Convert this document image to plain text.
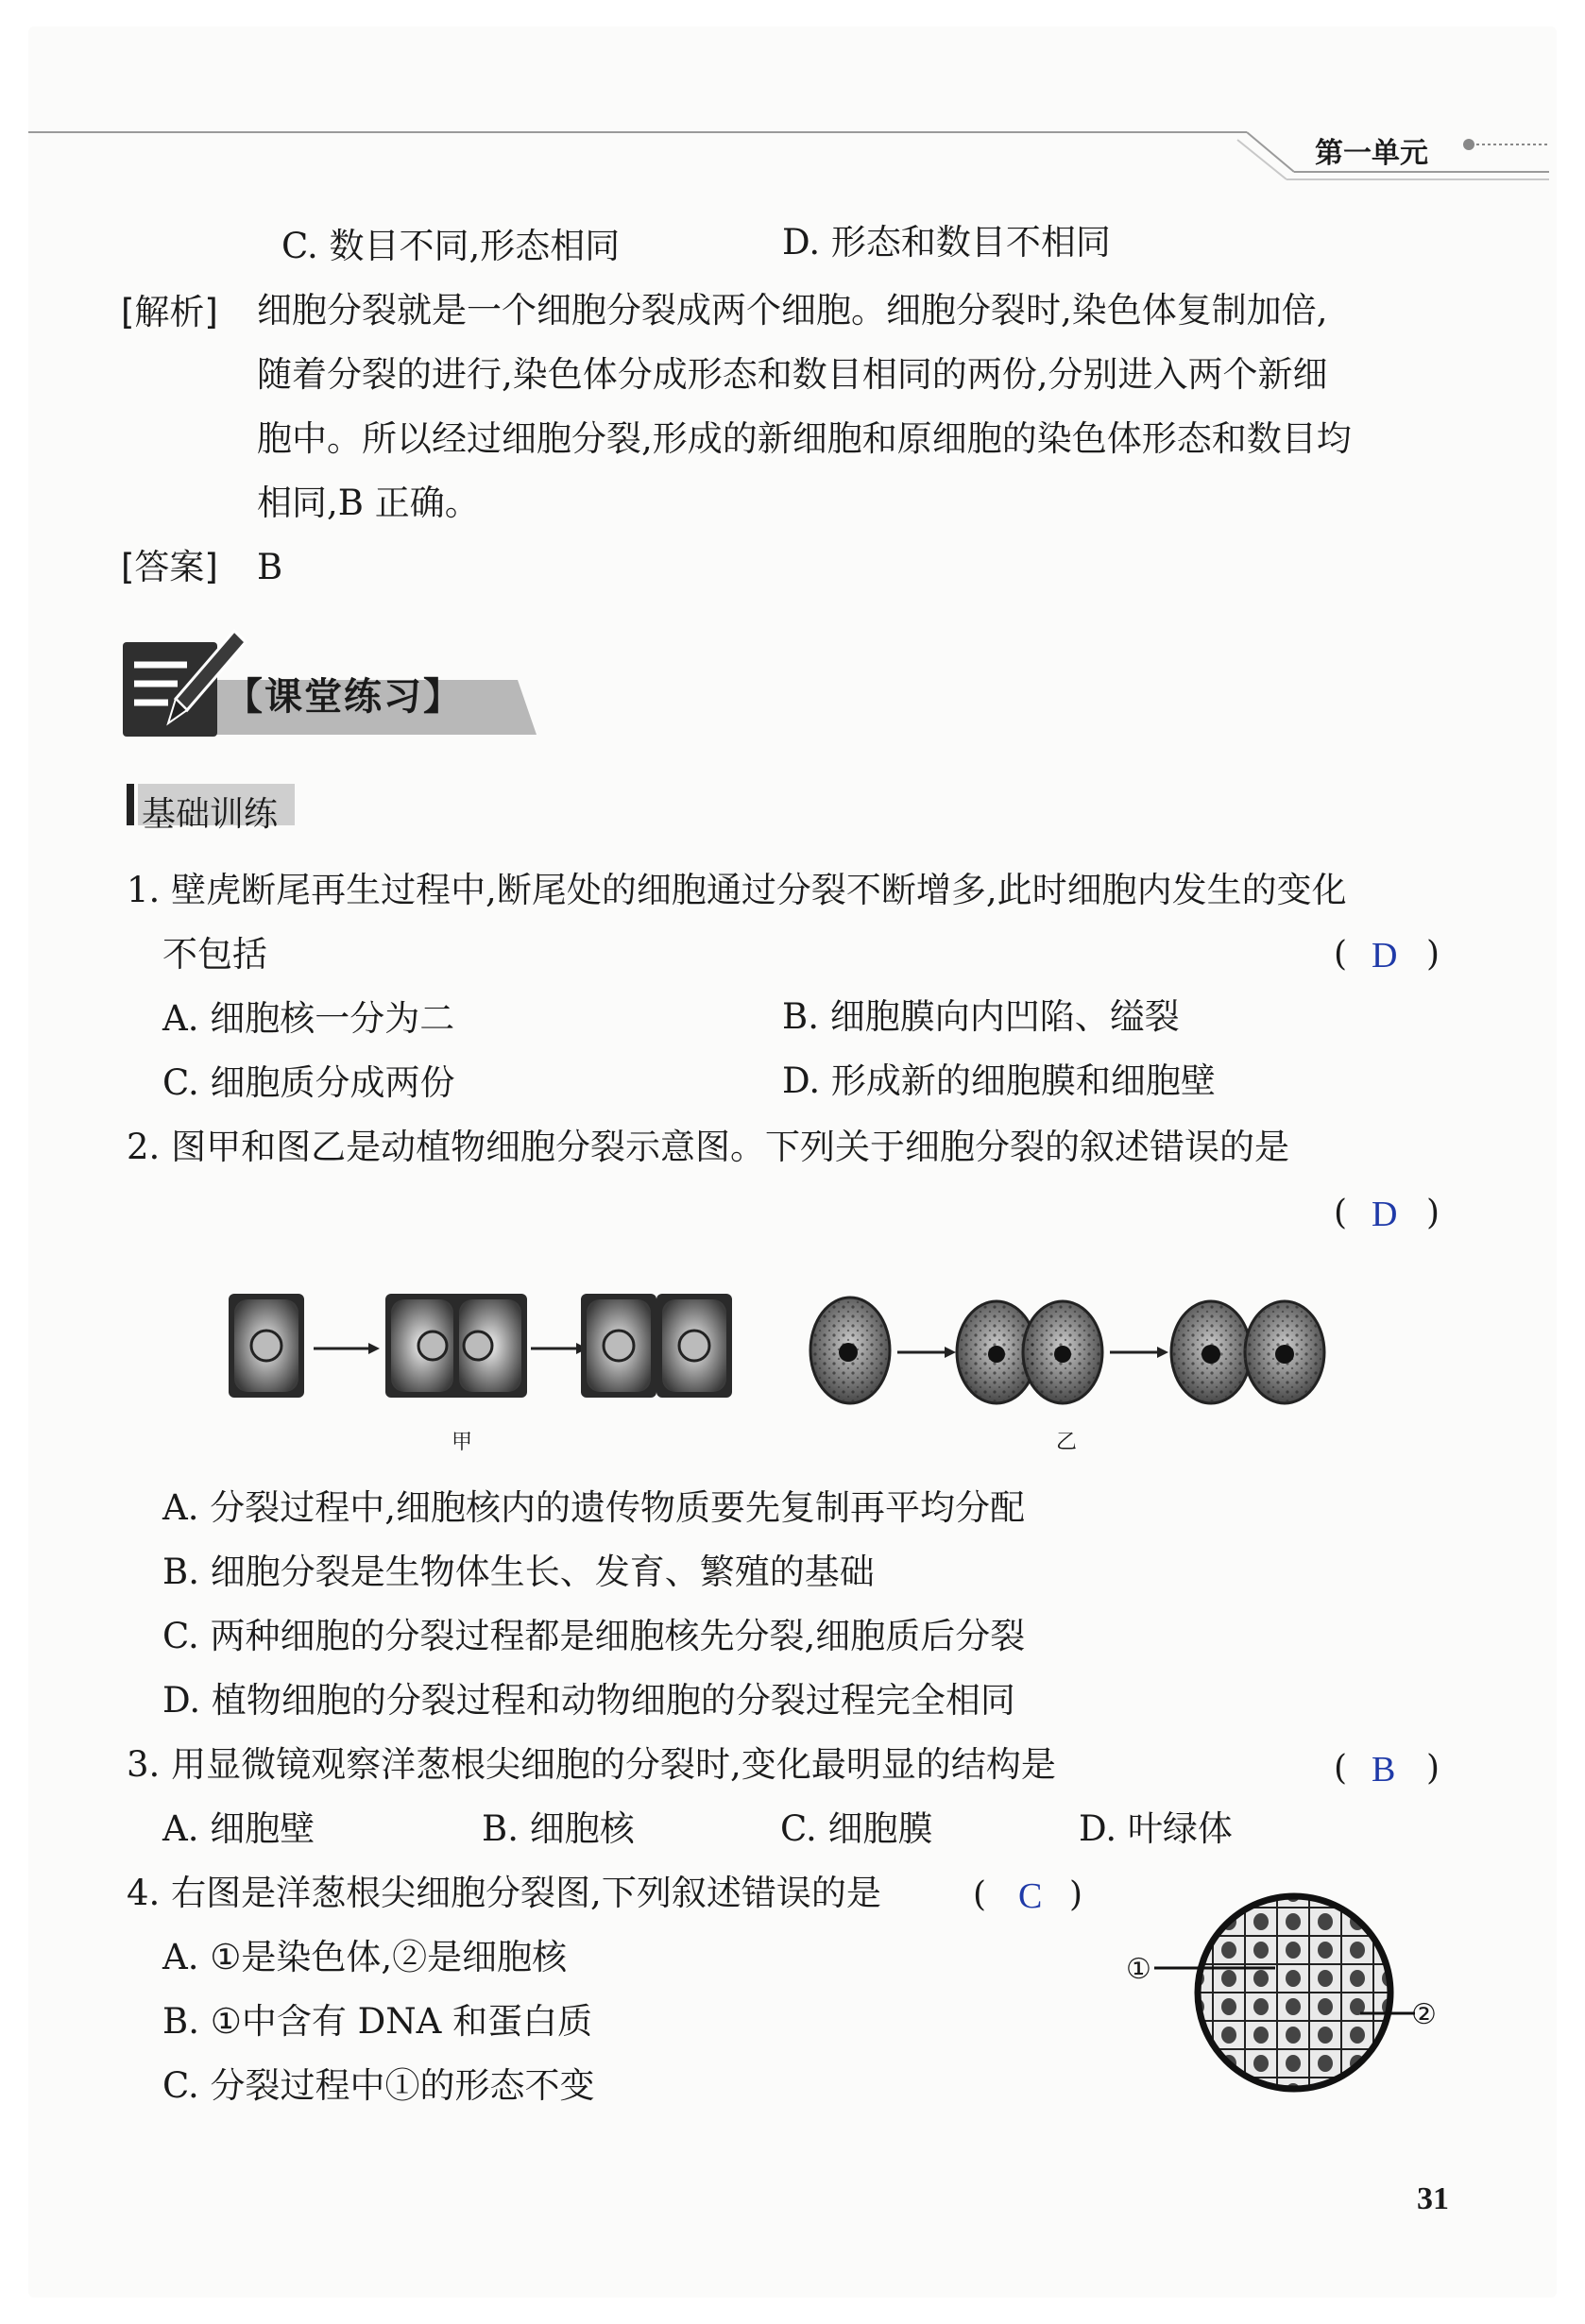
第一单元
C. 数目不同,形态相同	D. 形态和数目不相同
[解析] 细胞分裂就是一个细胞分裂成两个细胞。细胞分裂时,染色体复制加倍,
随着分裂的进行,染色体分成形态和数目相同的两份,分别进入两个新细
胞中。所以经过细胞分裂,形成的新细胞和原细胞的染色体形态和数目均
相同,B 正确。
[答案] B
【课堂练习】
基础训练
1. 壁虎断尾再生过程中,断尾处的细胞通过分裂不断增多,此时细胞内发生的变化
不包括	( D )
A. 细胞核一分为二	B. 细胞膜向内凹陷、缢裂
C. 细胞质分成两份	D. 形成新的细胞膜和细胞壁
2. 图甲和图乙是动植物细胞分裂示意图。下列关于细胞分裂的叙述错误的是
( D )
甲	乙
A. 分裂过程中,细胞核内的遗传物质要先复制再平均分配
B. 细胞分裂是生物体生长、发育、繁殖的基础
C. 两种细胞的分裂过程都是细胞核先分裂,细胞质后分裂
D. 植物细胞的分裂过程和动物细胞的分裂过程完全相同
3. 用显微镜观察洋葱根尖细胞的分裂时,变化最明显的结构是	( B )
A. 细胞壁	B. 细胞核	C. 细胞膜	D. 叶绿体
4. 右图是洋葱根尖细胞分裂图,下列叙述错误的是	( C )
A. ①是染色体,②是细胞核
B. ①中含有 DNA 和蛋白质
C. 分裂过程中①的形态不变
①
②
31
